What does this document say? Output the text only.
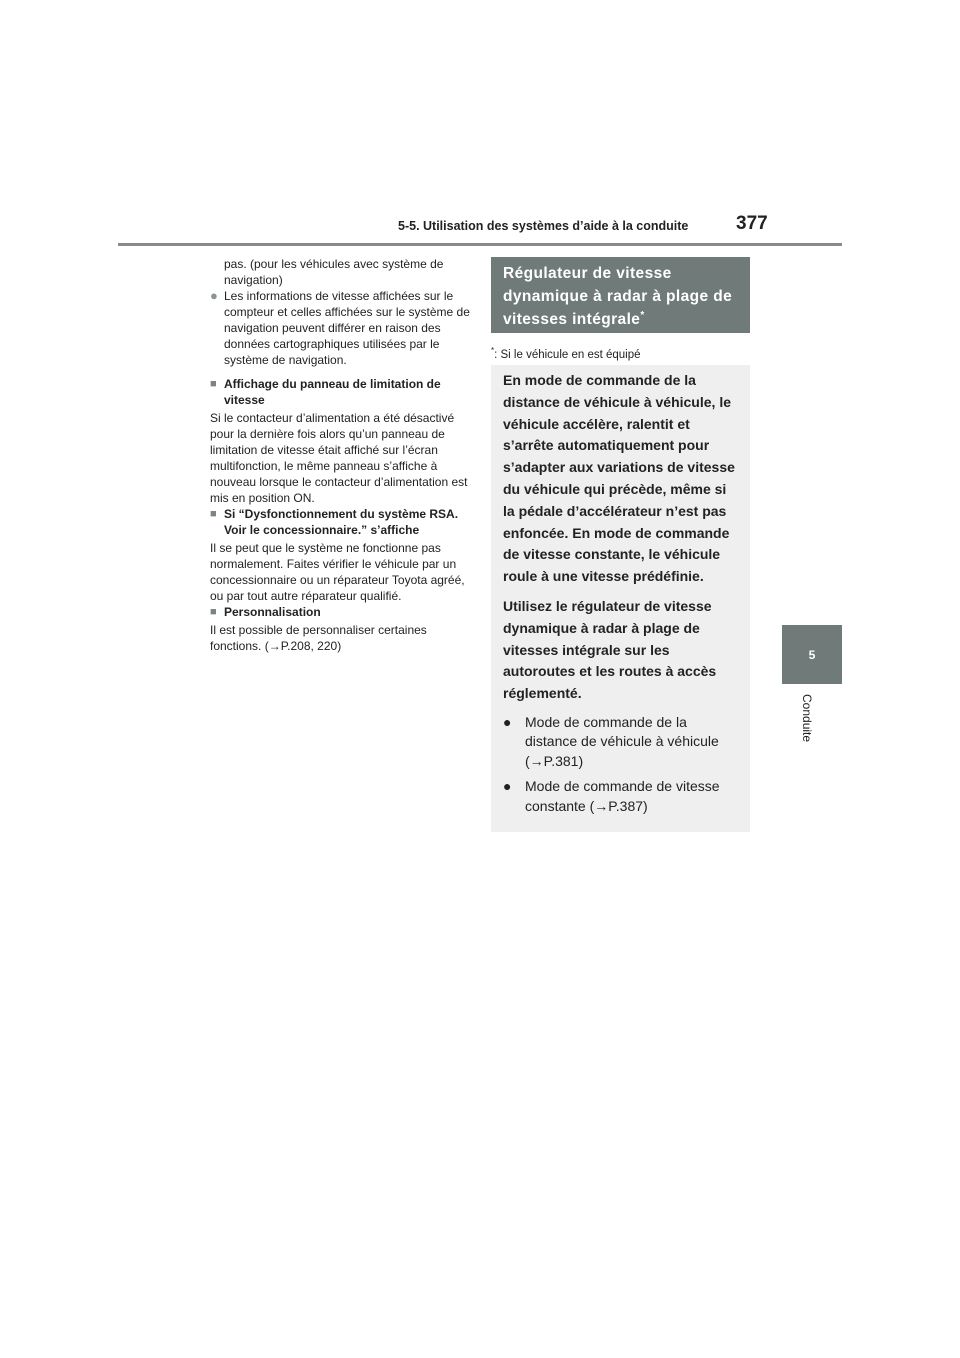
5-5. Utilisation des systèmes d’aide à la conduite	377
5
Conduite

pas. (pour les véhicules avec système de navigation)

● Les informations de vitesse affichées sur le compteur et celles affichées sur le système de navigation peuvent différer en raison des données cartographiques utilisées par le système de navigation.
■ Affichage du panneau de limitation de vitesse

Si le contacteur d’alimentation a été désactivé pour la dernière fois alors qu’un panneau de limitation de vitesse était affiché sur l’écran multifonction, le même panneau s’affiche à nouveau lorsque le contacteur d’alimentation est mis en position ON.

■ Si “Dysfonctionnement du système RSA. Voir le concessionnaire.” s’affiche

Il se peut que le système ne fonctionne pas normalement. Faites vérifier le véhicule par un concessionnaire ou un réparateur Toyota agréé, ou par tout autre réparateur qualifié.

■ Personnalisation

Il est possible de personnaliser certaines fonctions. (→P.208, 220)

Régulateur de vitesse dynamique à radar à plage de vitesses intégrale*
*: Si le véhicule en est équipé

En mode de commande de la distance de véhicule à véhicule, le véhicule accélère, ralentit et s’arrête automatiquement pour s’adapter aux variations de vitesse du véhicule qui précède, même si la pédale d’accélérateur n’est pas enfoncée. En mode de commande de vitesse constante, le véhicule roule à une vitesse prédéfinie.

Utilisez le régulateur de vitesse dynamique à radar à plage de vitesses intégrale sur les autoroutes et les routes à accès réglementé.

● Mode de commande de la distance de véhicule à véhicule (→P.381)
● Mode de commande de vitesse constante (→P.387)
